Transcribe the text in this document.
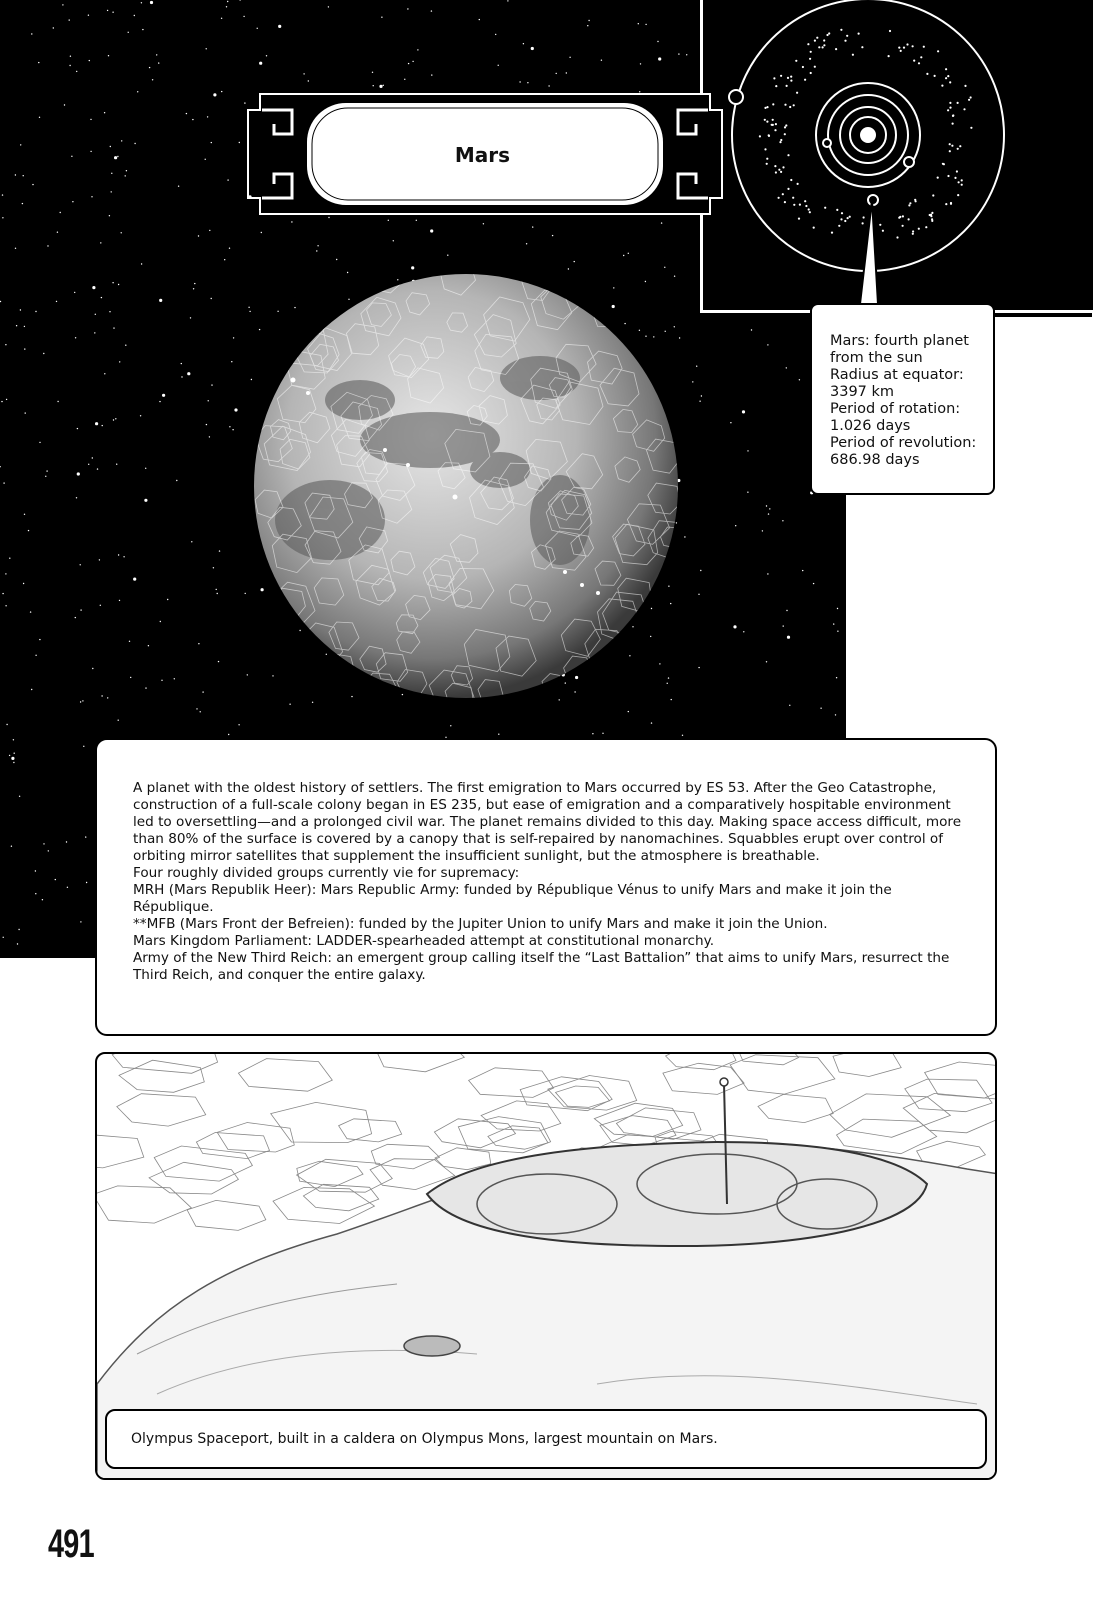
Mars
Mars: fourth planet
from the sun
Radius at equator:
3397 km
Period of rotation:
1.026 days
Period of revolution:
686.98 days

A planet with the oldest history of settlers. The first emigration to Mars occurred by ES 53. After the Geo Catastrophe, construction of a full-scale colony began in ES 235, but ease of emigration and a comparatively hospitable environment led to oversettling—and a prolonged civil war. The planet remains divided to this day. Making space access difficult, more than 80% of the surface is covered by a canopy that is self-repaired by nanomachines. Squabbles erupt over control of orbiting mirror satellites that supplement the insufficient sunlight, but the atmosphere is breathable.

Four roughly divided groups currently vie for supremacy:

MRH (Mars Republik Heer): Mars Republic Army: funded by République Vénus to unify Mars and make it join the République.

**MFB (Mars Front der Befreien): funded by the Jupiter Union to unify Mars and make it join the Union.

Mars Kingdom Parliament: LADDER-spearheaded attempt at constitutional monarchy.

Army of the New Third Reich: an emergent group calling itself the “Last Battalion” that aims to unify Mars, resurrect the Third Reich, and conquer the entire galaxy.

Olympus Spaceport, built in a caldera on Olympus Mons, largest mountain on Mars.
491
